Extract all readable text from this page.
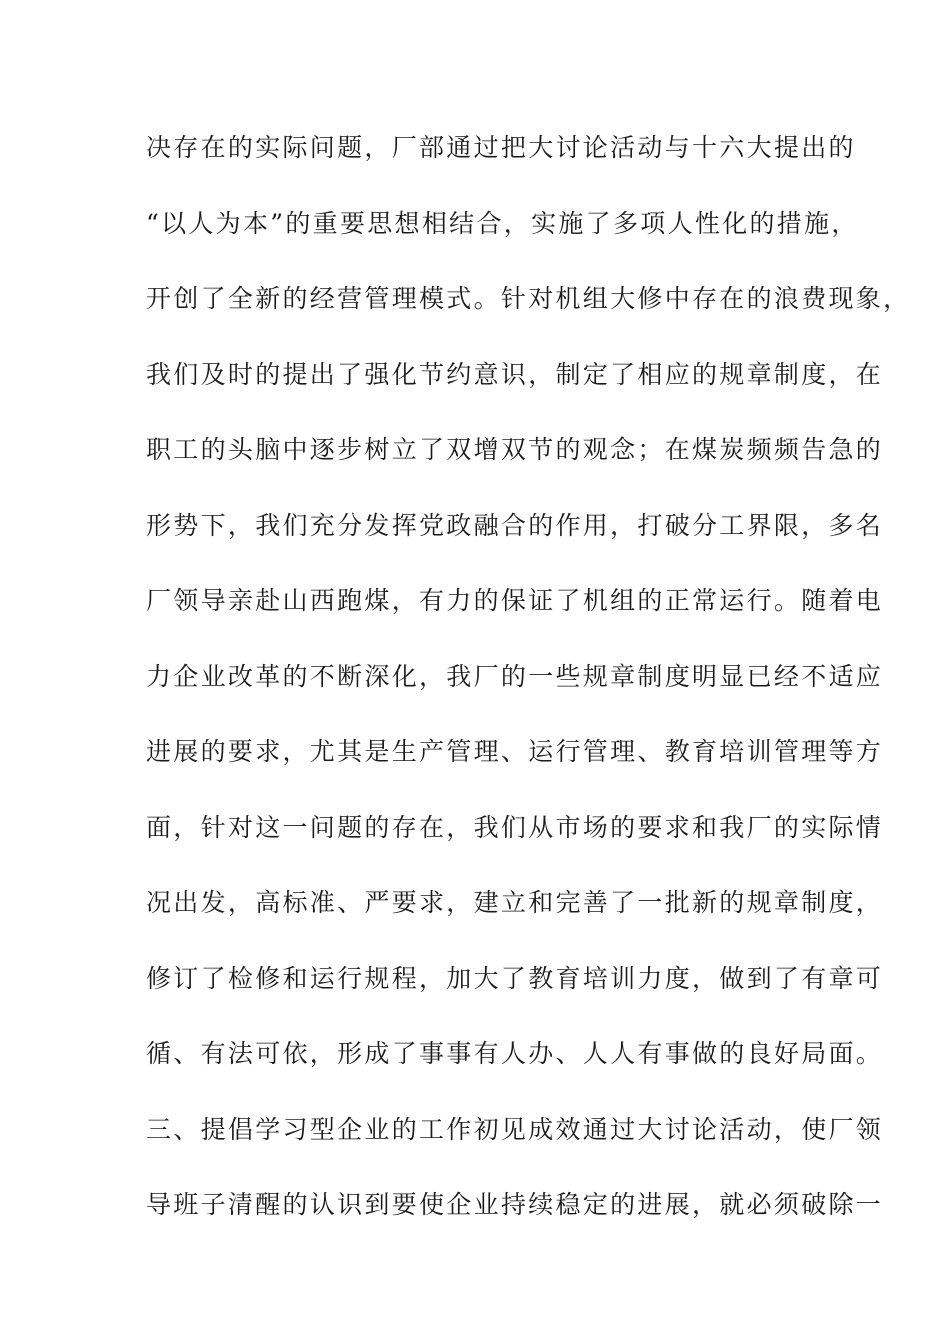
决存在的实际问题，厂部通过把大讨论活动与十六大提出的
“以人为本”的重要思想相结合，实施了多项人性化的措施，
开创了全新的经营管理模式。针对机组大修中存在的浪费现象，
我们及时的提出了强化节约意识，制定了相应的规章制度，在
职工的头脑中逐步树立了双增双节的观念；在煤炭频频告急的
形势下，我们充分发挥党政融合的作用，打破分工界限，多名
厂领导亲赴山西跑煤，有力的保证了机组的正常运行。随着电
力企业改革的不断深化，我厂的一些规章制度明显已经不适应
进展的要求，尤其是生产管理、运行管理、教育培训管理等方
面，针对这一问题的存在，我们从市场的要求和我厂的实际情
况出发，高标准、严要求，建立和完善了一批新的规章制度，
修订了检修和运行规程，加大了教育培训力度，做到了有章可
循、有法可依，形成了事事有人办、人人有事做的良好局面。
三、提倡学习型企业的工作初见成效通过大讨论活动，使厂领
导班子清醒的认识到要使企业持续稳定的进展，就必须破除一
